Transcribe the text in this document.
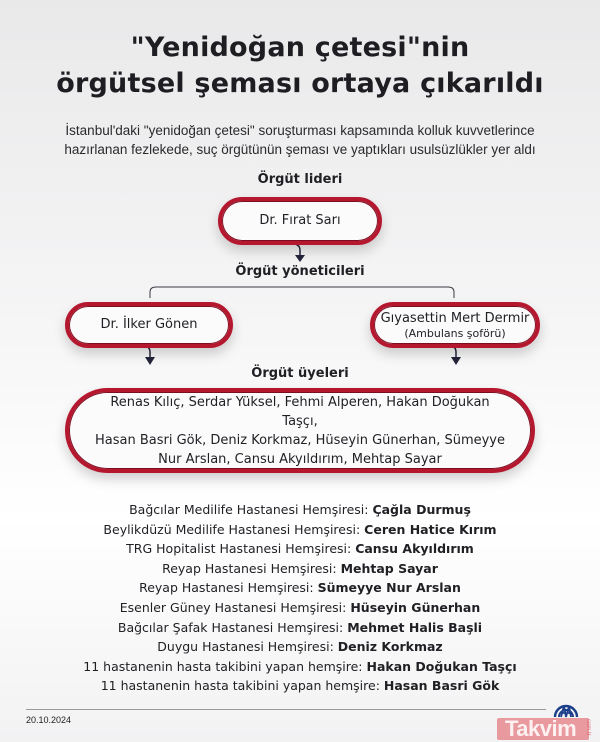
"Yenidoğan çetesi"nin
örgütsel şeması ortaya çıkarıldı
İstanbul'daki "yenidoğan çetesi" soruşturması kapsamında kolluk kuvvetlerince
hazırlanan fezlekede, suç örgütünün şeması ve yaptıkları usulsüzlükler yer aldı
Örgüt lideri
Dr. Fırat Sarı
Örgüt yöneticileri
Dr. İlker Gönen	Gıyasettin Mert Dermir
(Ambulans şoförü)
Örgüt üyeleri
Renas Kılıç, Serdar Yüksel, Fehmi Alperen, Hakan Doğukan Taşçı,
Hasan Basri Gök, Deniz Korkmaz, Hüseyin Günerhan, Sümeyye
Nur Arslan, Cansu Akyıldırım, Mehtap Sayar
Bağcılar Medilife Hastanesi Hemşiresi: Çağla Durmuş
Beylikdüzü Medilife Hastanesi Hemşiresi: Ceren Hatice Kırım
TRG Hopitalist Hastanesi Hemşiresi: Cansu Akyıldırım
Reyap Hastanesi Hemşiresi: Mehtap Sayar
Reyap Hastanesi Hemşiresi: Sümeyye Nur Arslan
Esenler Güney Hastanesi Hemşiresi: Hüseyin Günerhan
Bağcılar Şafak Hastanesi Hemşiresi: Mehmet Halis Başli
Duygu Hastanesi Hemşiresi: Deniz Korkmaz
11 hastanenin hasta takibini yapan hemşire: Hakan Doğukan Taşçı
11 hastanenin hasta takibini yapan hemşire: Hasan Basri Gök
20.10.2024	Takvim com.tr
